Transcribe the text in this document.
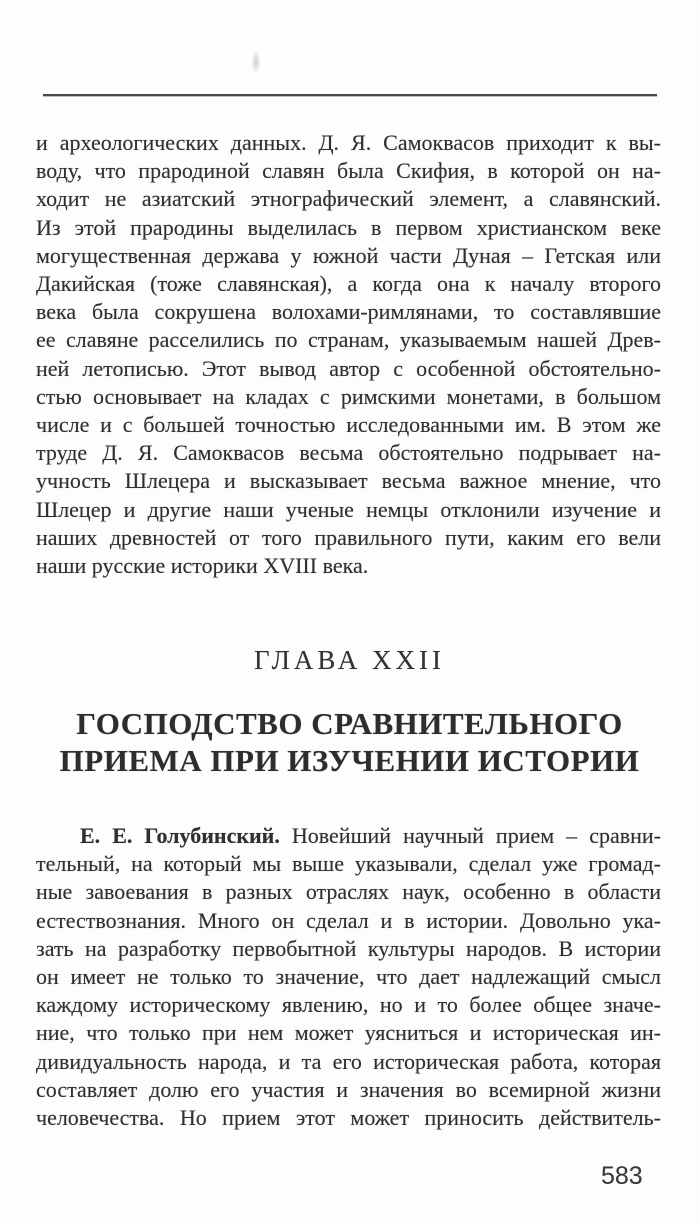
и археологических данных. Д. Я. Самоквасов приходит к вы-
воду, что прародиной славян была Скифия, в которой он на-
ходит не азиатский этнографический элемент, а славянский.
Из этой прародины выделилась в первом христианском веке
могущественная держава у южной части Дуная – Гетская или
Дакийская (тоже славянская), а когда она к началу второго
века была сокрушена волохами-римлянами, то составлявшие
ее славяне расселились по странам, указываемым нашей Древ-
ней летописью. Этот вывод автор с особенной обстоятельно-
стью основывает на кладах с римскими монетами, в большом
числе и с большей точностью исследованными им. В этом же
труде Д. Я. Самоквасов весьма обстоятельно подрывает на-
учность Шлецера и высказывает весьма важное мнение, что
Шлецер и другие наши ученые немцы отклонили изучение и
наших древностей от того правильного пути, каким его вели
наши русские историки XVIII века.
ГЛАВА XXII
ГОСПОДСТВО СРАВНИТЕЛЬНОГО
ПРИЕМА ПРИ ИЗУЧЕНИИ ИСТОРИИ
Е. Е. Голубинский. Новейший научный прием – сравни-
тельный, на который мы выше указывали, сделал уже громад-
ные завоевания в разных отраслях наук, особенно в области
естествознания. Много он сделал и в истории. Довольно ука-
зать на разработку первобытной культуры народов. В истории
он имеет не только то значение, что дает надлежащий смысл
каждому историческому явлению, но и то более общее значе-
ние, что только при нем может уясниться и историческая ин-
дивидуальность народа, и та его историческая работа, которая
составляет долю его участия и значения во всемирной жизни
человечества. Но прием этот может приносить действитель-
583
